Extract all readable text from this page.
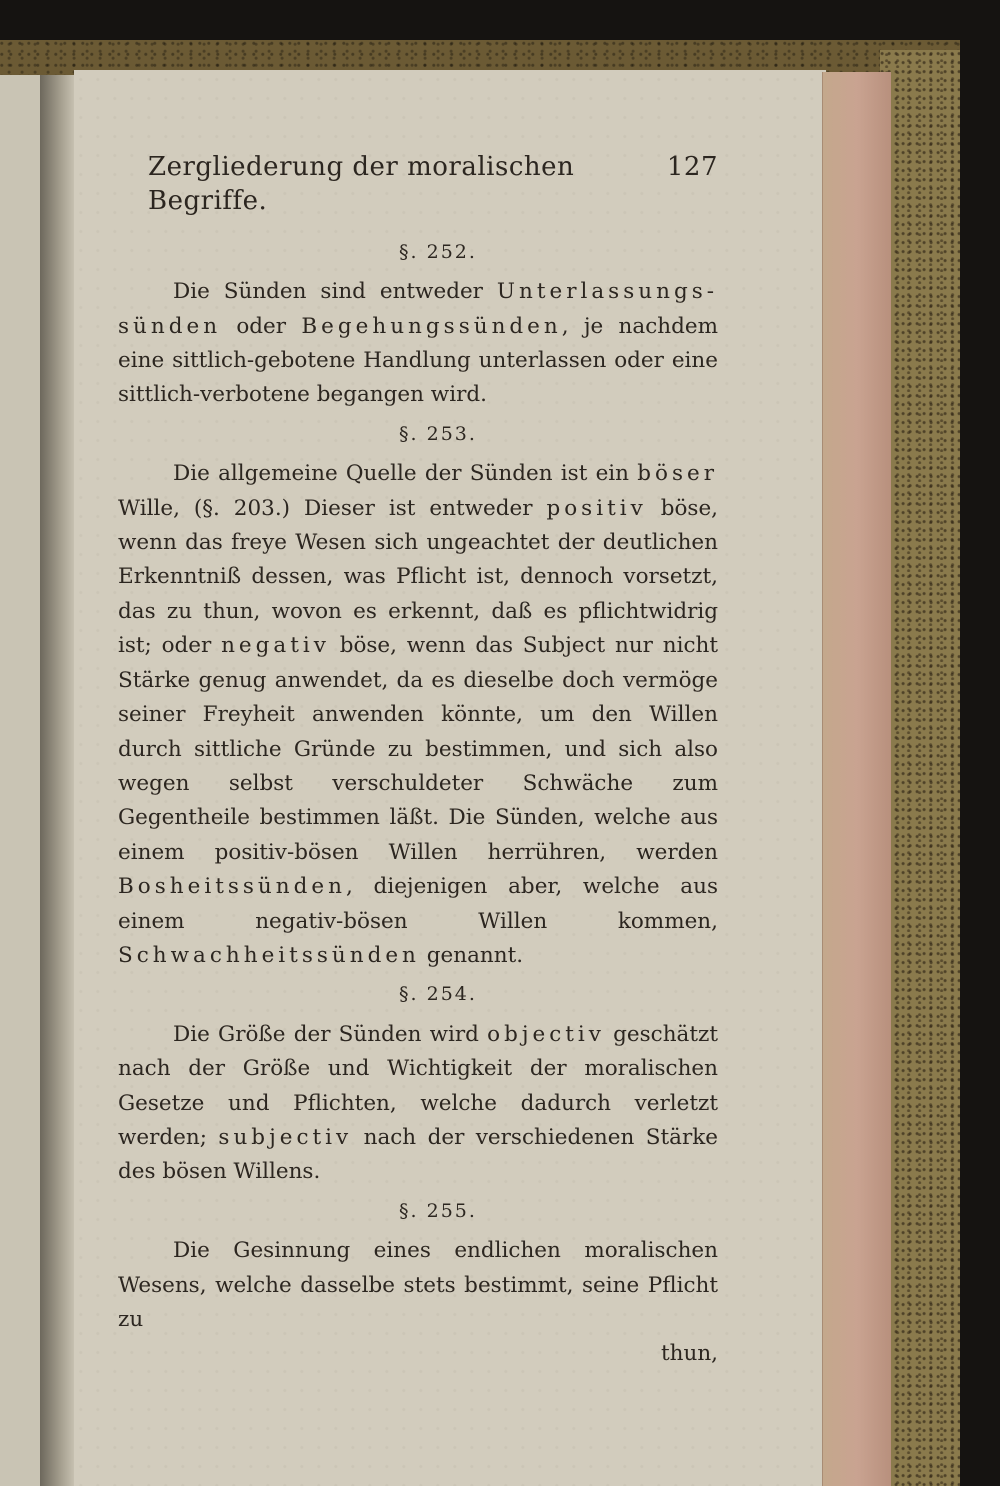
Zergliederung der moralischen Begriffe.
127
§. 252.

Die Sünden sind entweder Unterlassungs- sünden oder Begehungssünden, je nachdem eine sittlich-gebotene Handlung unterlassen oder eine sittlich-verbotene begangen wird.

§. 253.

Die allgemeine Quelle der Sünden ist ein böser Wille, (§. 203.) Dieser ist entweder positiv böse, wenn das freye Wesen sich ungeachtet der deutlichen Erkenntniß dessen, was Pflicht ist, dennoch vorsetzt, das zu thun, wovon es erkennt, daß es pflichtwidrig ist; oder negativ böse, wenn das Subject nur nicht Stärke genug anwendet, da es dieselbe doch vermöge seiner Freyheit anwenden könnte, um den Willen durch sittliche Gründe zu bestimmen, und sich also wegen selbst verschuldeter Schwäche zum Gegentheile bestimmen läßt. Die Sünden, welche aus einem positiv-bösen Willen herrühren, werden Bosheitssünden, diejenigen aber, welche aus einem negativ-bösen Willen kommen, Schwachheitssünden genannt.

§. 254.

Die Größe der Sünden wird objectiv geschätzt nach der Größe und Wichtigkeit der moralischen Gesetze und Pflichten, welche dadurch verletzt werden; subjectiv nach der verschiedenen Stärke des bösen Willens.

§. 255.

Die Gesinnung eines endlichen moralischen Wesens, welche dasselbe stets bestimmt, seine Pflicht zu

thun,
